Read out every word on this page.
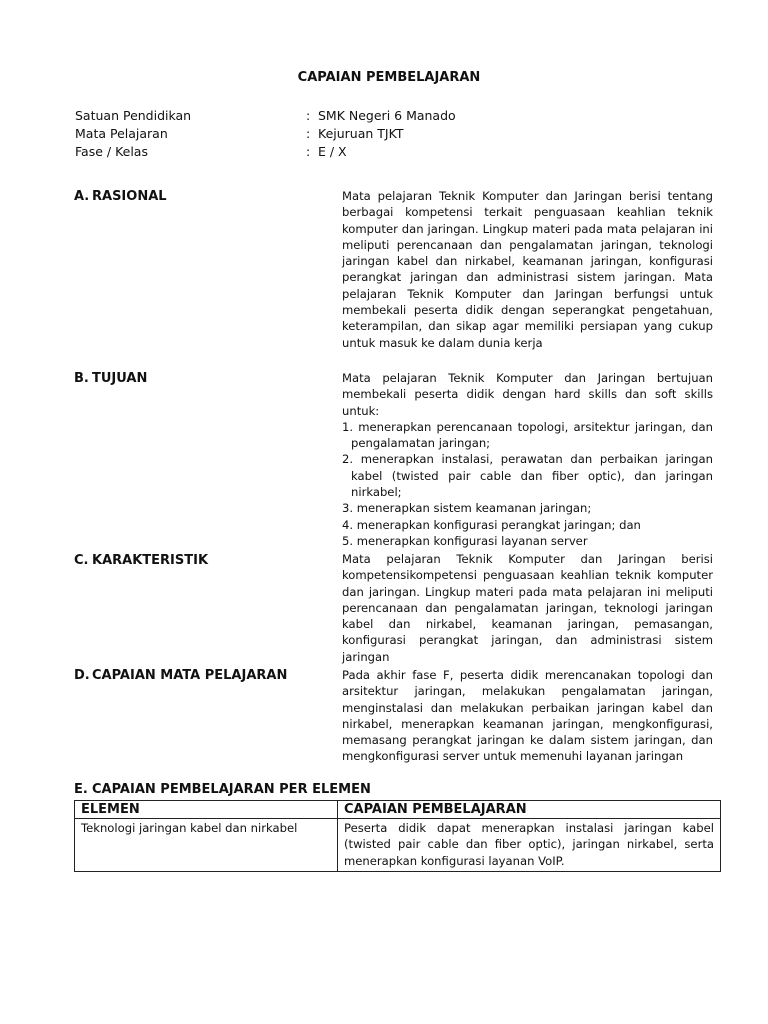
CAPAIAN PEMBELAJARAN
Satuan Pendidikan	: SMK Negeri 6 Manado
Mata Pelajaran	: Kejuruan TJKT
Fase / Kelas	: E / X
A. RASIONAL	Mata pelajaran Teknik Komputer dan Jaringan berisi tentang berbagai kompetensi terkait penguasaan keahlian teknik komputer dan jaringan. Lingkup materi pada mata pelajaran ini meliputi perencanaan dan pengalamatan jaringan, teknologi jaringan kabel dan nirkabel, keamanan jaringan, konfigurasi perangkat jaringan dan administrasi sistem jaringan. Mata pelajaran Teknik Komputer dan Jaringan berfungsi untuk membekali peserta didik dengan seperangkat pengetahuan, keterampilan, dan sikap agar memiliki persiapan yang cukup untuk masuk ke dalam dunia kerja

B. TUJUAN	Mata pelajaran Teknik Komputer dan Jaringan bertujuan membekali peserta didik dengan hard skills dan soft skills untuk:

1. menerapkan perencanaan topologi, arsitektur jaringan, dan pengalamatan jaringan;
2. menerapkan instalasi, perawatan dan perbaikan jaringan kabel (twisted pair cable dan fiber optic), dan jaringan nirkabel;
3. menerapkan sistem keamanan jaringan;
4. menerapkan konfigurasi perangkat jaringan; dan
5. menerapkan konfigurasi layanan server
C. KARAKTERISTIK	Mata pelajaran Teknik Komputer dan Jaringan berisi kompetensikompetensi penguasaan keahlian teknik komputer dan jaringan. Lingkup materi pada mata pelajaran ini meliputi perencanaan dan pengalamatan jaringan, teknologi jaringan kabel dan nirkabel, keamanan jaringan, pemasangan, konfigurasi perangkat jaringan, dan administrasi sistem jaringan

D. CAPAIAN MATA PELAJARAN	Pada akhir fase F, peserta didik merencanakan topologi dan arsitektur jaringan, melakukan pengalamatan jaringan, menginstalasi dan melakukan perbaikan jaringan kabel dan nirkabel, menerapkan keamanan jaringan, mengkonfigurasi, memasang perangkat jaringan ke dalam sistem jaringan, dan mengkonfigurasi server untuk memenuhi layanan jaringan

E. CAPAIAN PEMBELAJARAN PER ELEMEN
ELEMEN	CAPAIAN PEMBELAJARAN
Teknologi jaringan kabel dan nirkabel	Peserta didik dapat menerapkan instalasi jaringan kabel (twisted pair cable dan fiber optic), jaringan nirkabel, serta menerapkan konfigurasi layanan VoIP.
